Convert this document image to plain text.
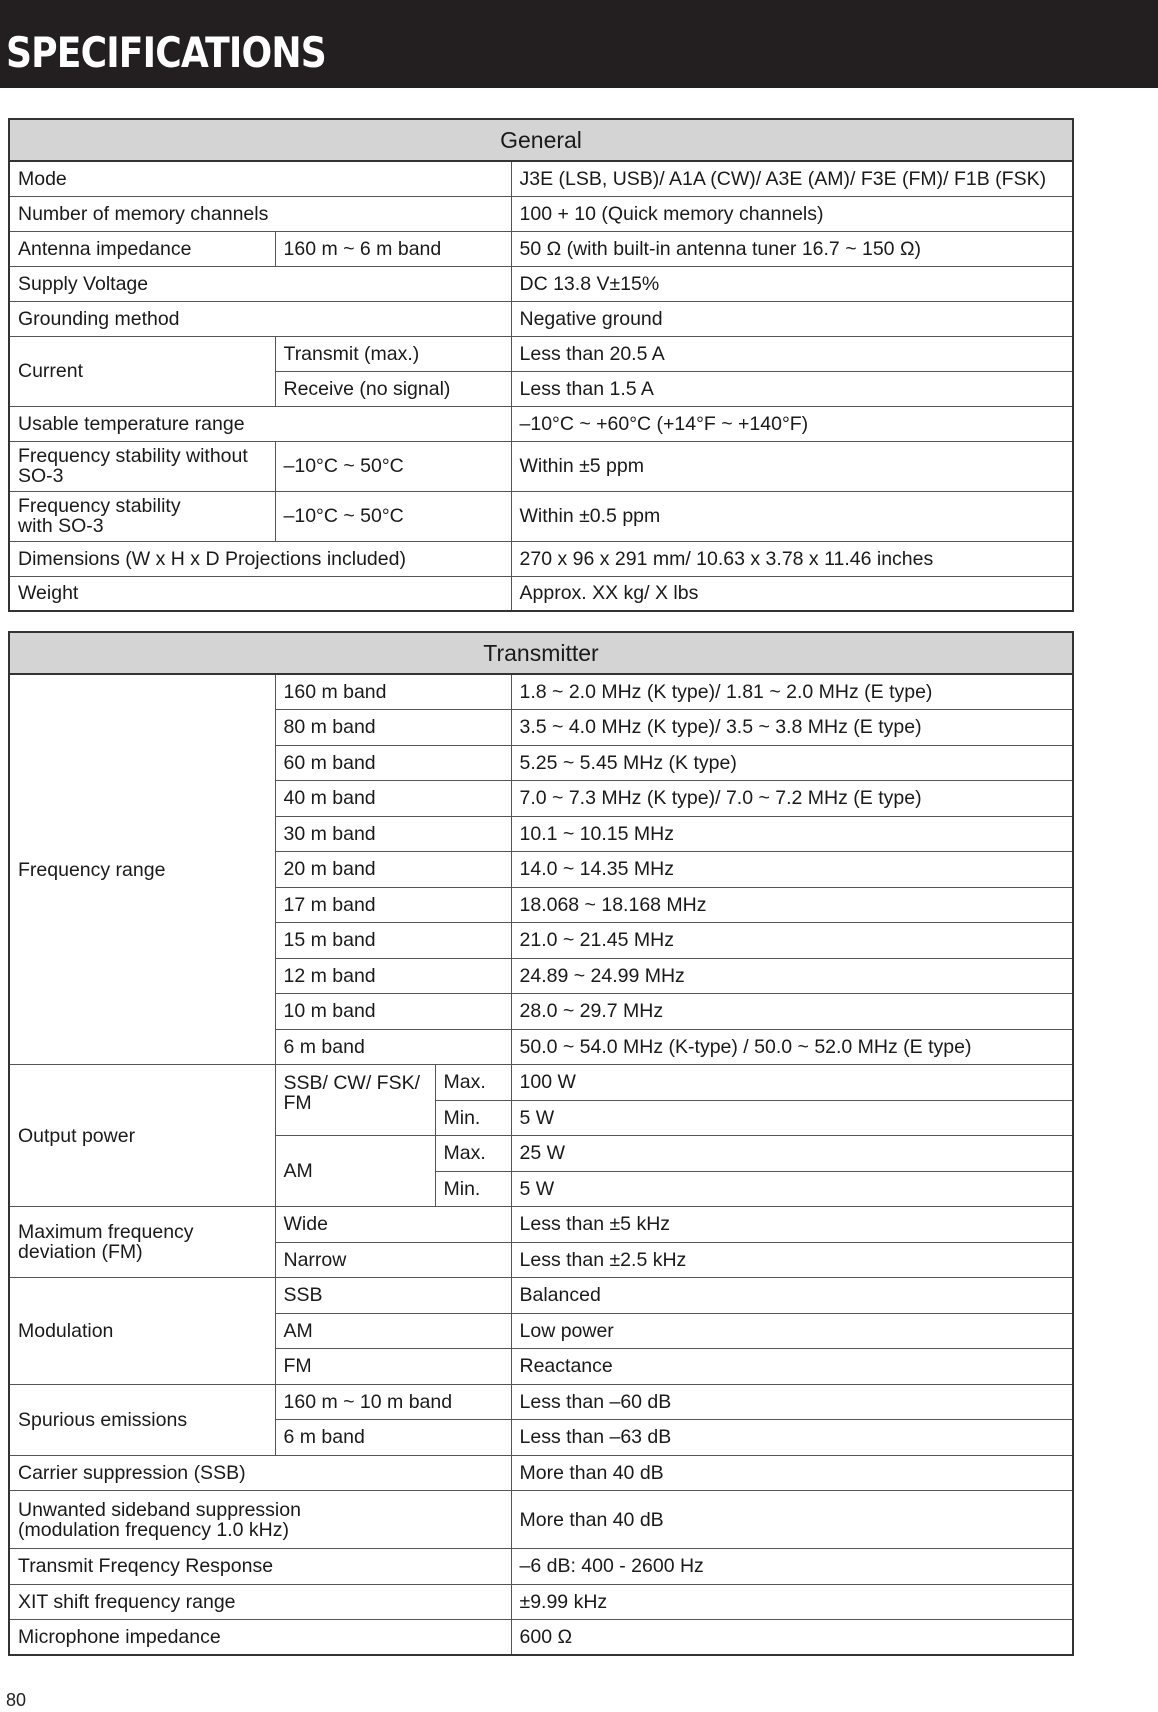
SPECIFICATIONS
General		
Mode		J3E (LSB, USB)/ A1A (CW)/ A3E (AM)/ F3E (FM)/ F1B (FSK)
Number of memory channels		100 + 10 (Quick memory channels)
Antenna impedance	160 m ~ 6 m band	50 Ω (with built-in antenna tuner 16.7 ~ 150 Ω)
Supply Voltage		DC 13.8 V±15%
Grounding method		Negative ground
Current	Transmit (max.)	Less than 20.5 A
	Receive (no signal)	Less than 1.5 A
Usable temperature range		–10°C ~ +60°C (+14°F ~ +140°F)
Frequency stability without SO-3	–10°C ~ 50°C	Within ±5 ppm

Frequency stability
with SO-3	–10°C ~ 50°C	Within ±0.5 ppm
Dimensions (W x H x D Projections included)		270 x 96 x 291 mm/ 10.63 x 3.78 x 11.46 inches
Weight		Approx. XX kg/ X lbs
Transmitter			
Frequency range	160 m band		1.8 ~ 2.0 MHz (K type)/ 1.81 ~ 2.0 MHz (E type)
	80 m band		3.5 ~ 4.0 MHz (K type)/ 3.5 ~ 3.8 MHz (E type)
	60 m band		5.25 ~ 5.45 MHz (K type)
	40 m band		7.0 ~ 7.3 MHz (K type)/ 7.0 ~ 7.2 MHz (E type)
	30 m band		10.1 ~ 10.15 MHz
	20 m band		14.0 ~ 14.35 MHz
	17 m band		18.068 ~ 18.168 MHz
	15 m band		21.0 ~ 21.45 MHz
	12 m band		24.89 ~ 24.99 MHz
	10 m band		28.0 ~ 29.7 MHz
	6 m band		50.0 ~ 54.0 MHz (K-type) / 50.0 ~ 52.0 MHz (E type)
Output power	SSB/ CW/ FSK/ FM	Max.	100 W
		Min.	5 W
	AM	Max.	25 W
		Min.	5 W

Maximum frequency
deviation (FM)	Wide		Less than ±5 kHz
	Narrow		Less than ±2.5 kHz
Modulation	SSB		Balanced
	AM		Low power
	FM		Reactance
Spurious emissions	160 m ~ 10 m band		Less than –60 dB
	6 m band		Less than –63 dB
Carrier suppression (SSB)			More than 40 dB

Unwanted sideband suppression
(modulation frequency 1.0 kHz)			More than 40 dB
Transmit Freqency Response			–6 dB: 400 - 2600 Hz
XIT shift frequency range			±9.99 kHz
Microphone impedance			600 Ω
80
